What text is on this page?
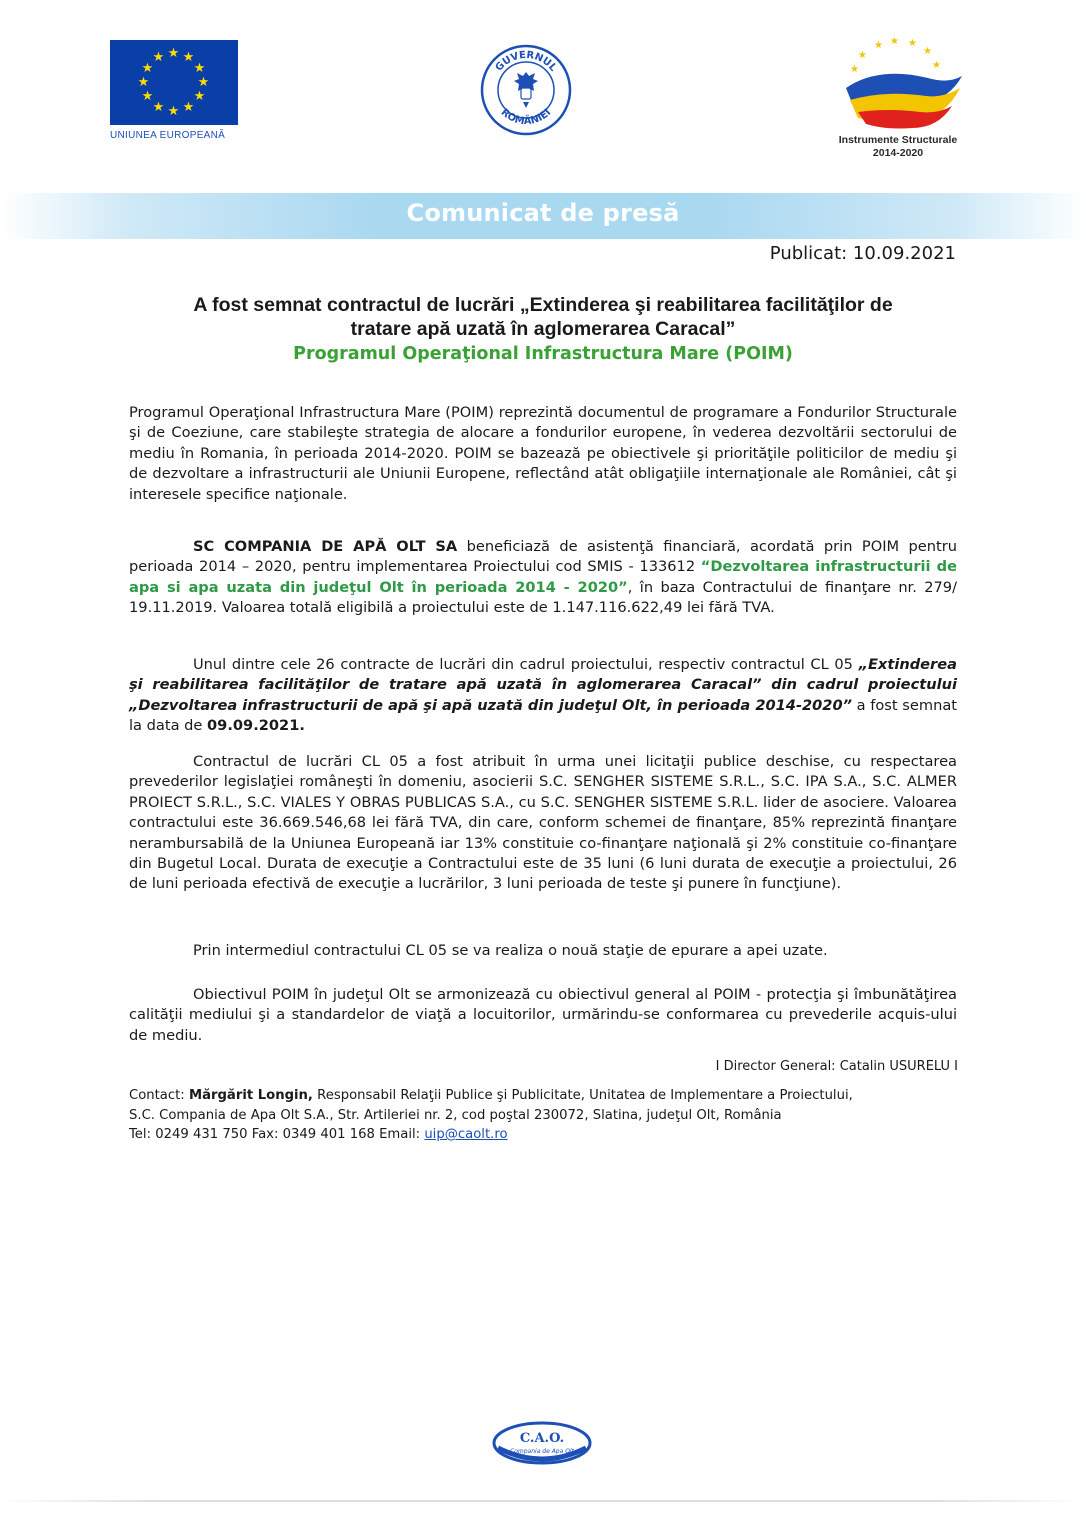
★ ★
★
★
★
★
★
★
★
★
★
★
UNIUNEA EUROPEANĂ
GUVERNUL
ROMÂNIEI
★ ★ ★
★
★
★
★
Instrumente Structurale
2014-2020
Comunicat de presă
Publicat: 10.09.2021
A fost semnat contractul de lucrări „Extinderea şi reabilitarea facilităţilor de
tratare apă uzată în aglomerarea Caracal”
Programul Operaţional Infrastructura Mare (POIM)
Programul Operaţional Infrastructura Mare (POIM) reprezintă documentul de programare a Fondurilor Structurale şi de Coeziune, care stabileşte strategia de alocare a fondurilor europene, în vederea dezvoltării sectorului de mediu în Romania, în perioada 2014-2020. POIM se bazează pe obiectivele şi priorităţile politicilor de mediu şi de dezvoltare a infrastructurii ale Uniunii Europene, reflectând atât obligaţiile internaţionale ale României, cât şi interesele specifice naţionale.
SC COMPANIA DE APĂ OLT SA beneficiază de asistenţă financiară, acordată prin POIM pentru perioada 2014 – 2020, pentru implementarea Proiectului cod SMIS - 133612 “Dezvoltarea infrastructurii de apa si apa uzata din judeţul Olt în perioada 2014 - 2020”, în baza Contractului de finanţare nr. 279/ 19.11.2019. Valoarea totală eligibilă a proiectului este de 1.147.116.622,49 lei fără TVA.
Unul dintre cele 26 contracte de lucrări din cadrul proiectului, respectiv contractul CL 05 „Extinderea şi reabilitarea facilităţilor de tratare apă uzată în aglomerarea Caracal” din cadrul proiectului „Dezvoltarea infrastructurii de apă şi apă uzată din judeţul Olt, în perioada 2014-2020” a fost semnat la data de 09.09.2021.
Contractul de lucrări CL 05 a fost atribuit în urma unei licitaţii publice deschise, cu respectarea prevederilor legislaţiei româneşti în domeniu, asocierii S.C. SENGHER SISTEME S.R.L., S.C. IPA S.A., S.C. ALMER PROIECT S.R.L., S.C. VIALES Y OBRAS PUBLICAS S.A., cu S.C. SENGHER SISTEME S.R.L. lider de asociere. Valoarea contractului este 36.669.546,68 lei fără TVA, din care, conform schemei de finanţare, 85% reprezintă finanţare nerambursabilă de la Uniunea Europeană iar 13% constituie co-finanţare naţională şi 2% constituie co-finanţare din Bugetul Local. Durata de execuţie a Contractului este de 35 luni (6 luni durata de execuţie a proiectului, 26 de luni perioada efectivă de execuţie a lucrărilor, 3 luni perioada de teste şi punere în funcţiune).
Prin intermediul contractului CL 05 se va realiza o nouă staţie de epurare a apei uzate.
Obiectivul POIM în judeţul Olt se armonizează cu obiectivul general al POIM - protecţia şi îmbunătăţirea calităţii mediului şi a standardelor de viaţă a locuitorilor, urmărindu-se conformarea cu prevederile acquis-ului de mediu.
I Director General: Catalin USURELU I
Contact: Mărgărit Longin, Responsabil Relaţii Publice şi Publicitate, Unitatea de Implementare a Proiectului,
S.C. Compania de Apa Olt S.A., Str. Artileriei nr. 2, cod poştal 230072, Slatina, judeţul Olt, România
Tel: 0249 431 750 Fax: 0349 401 168 Email: uip@caolt.ro
C.A.O.
Compania de Apa Olt
